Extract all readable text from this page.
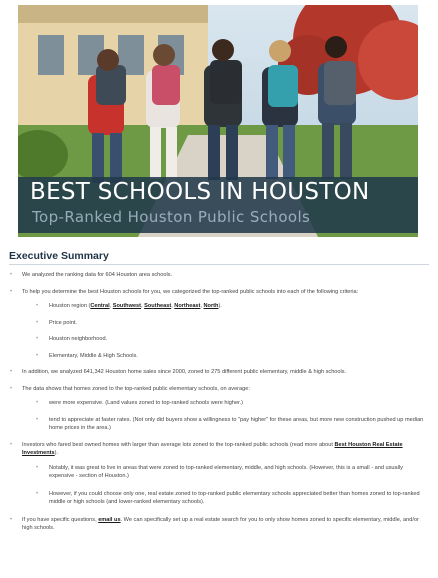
BEST SCHOOLS IN HOUSTON
Top-Ranked Houston Public Schools
Executive Summary
• We analyzed the ranking data for 604 Houston area schools.
• To help you determine the best Houston schools for you, we categorized the top-ranked public schools into each of the following criteria:
• Houston region (Central, Southwest, Southeast, Northeast, North).
• Price point.
• Houston neighborhood.
• Elementary, Middle & High Schools.
• In addition, we analyzed 641,342 Houston home sales since 2000, zoned to 275 different public elementary, middle & high schools.
• The data shows that homes zoned to the top-ranked public elementary schools, on average:
• were more expensive. (Land values zoned to top-ranked schools were higher.)
• tend to appreciate at faster rates. (Not only did buyers show a willingness to "pay higher" for these areas, but more new construction pushed up median home prices in the area.)
• Investors who fared best owned homes with larger than average lots zoned to the top-ranked public schools (read more about Best Houston Real Estate Investments).
• Notably, it was great to live in areas that were zoned to top-ranked elementary, middle, and high schools. (However, this is a small - and usually expensive - section of Houston.)
• However, if you could choose only one, real estate zoned to top-ranked public elementary schools appreciated better than homes zoned to top-ranked middle or high schools (and lower-ranked elementary schools).
• If you have specific questions, email us. We can specifically set up a real estate search for you to only show homes zoned to specific elementary, middle, and/or high schools.
